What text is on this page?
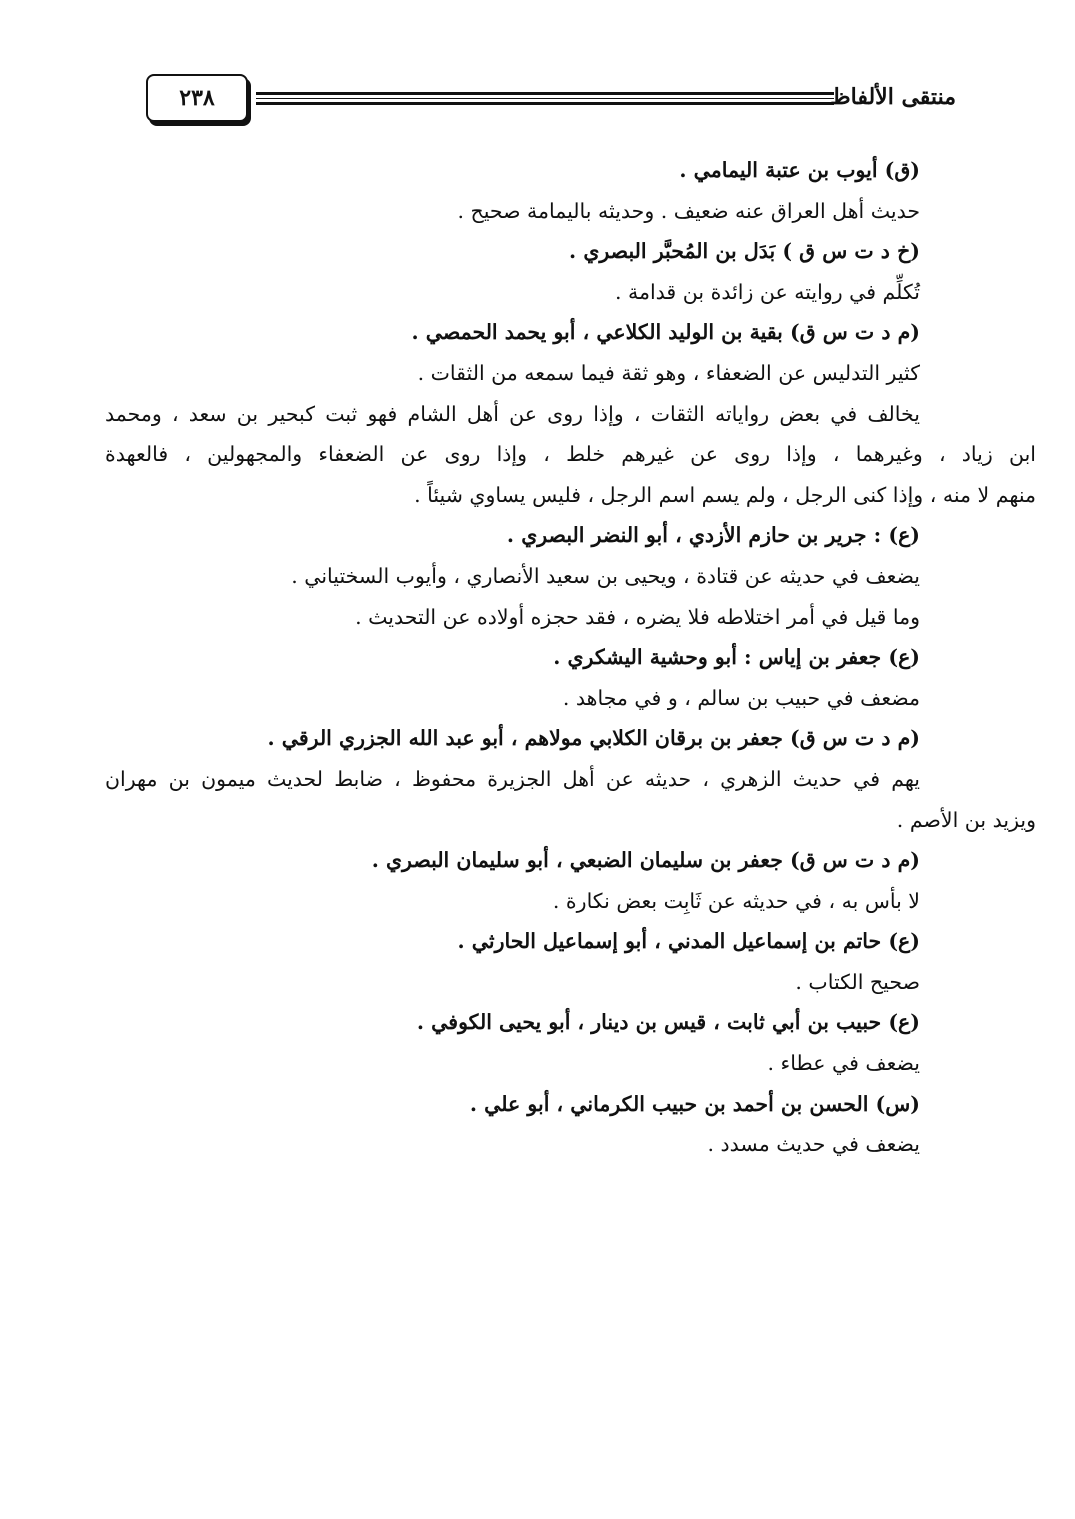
٢٣٨	منتقى الألفاظ
(ق) أيوب بن عتبة اليمامي .
حديث أهل العراق عنه ضعيف . وحديثه باليمامة صحيح .
(خ د ت س ق ) بَدَل بن المُحبَّر البصري .
تُكلِّم في روايته عن زائدة بن قدامة .
(م د ت س ق) بقية بن الوليد الكلاعي ، أبو يحمد الحمصي .
كثير التدليس عن الضعفاء ، وهو ثقة فيما سمعه من الثقات .
يخالف في بعض رواياته الثقات ، وإذا روى عن أهل الشام فهو ثبت كبحير بن سعد ، ومحمد
ابن زياد ، وغيرهما ، وإذا روى عن غيرهم خلط ، وإذا روى عن الضعفاء والمجهولين ، فالعهدة
منهم لا منه ، وإذا كنى الرجل ، ولم يسم اسم الرجل ، فليس يساوي شيئاً .
(ع) : جرير بن حازم الأزدي ، أبو النضر البصري .
يضعف في حديثه عن قتادة ، ويحيى بن سعيد الأنصاري ، وأيوب السختياني .
وما قيل في أمر اختلاطه فلا يضره ، فقد حجزه أولاده عن التحديث .
(ع) جعفر بن إياس : أبو وحشية اليشكري .
مضعف في حبيب بن سالم ، و في مجاهد .
(م د ت س ق) جعفر بن برقان الكلابي مولاهم ، أبو عبد الله الجزري الرقي .
يهم في حديث الزهري ، حديثه عن أهل الجزيرة محفوظ ، ضابط لحديث ميمون بن مهران
ويزيد بن الأصم .
(م د ت س ق) جعفر بن سليمان الضبعي ، أبو سليمان البصري .
لا بأس به ، في حديثه عن ثَابِت بعض نكارة .
(ع) حاتم بن إسماعيل المدني ، أبو إسماعيل الحارثي .
صحيح الكتاب .
(ع) حبيب بن أبي ثابت ، قيس بن دينار ، أبو يحيى الكوفي .
يضعف في عطاء .
(س) الحسن بن أحمد بن حبيب الكرماني ، أبو علي .
يضعف في حديث مسدد .
